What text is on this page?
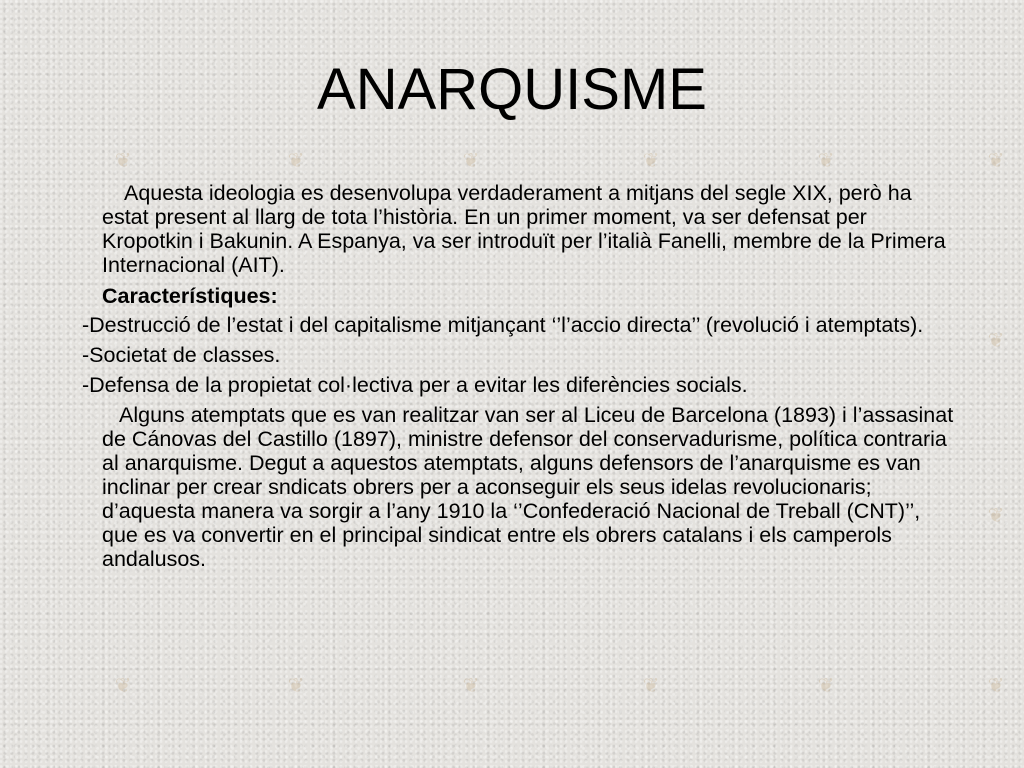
❦	❦	❦	❦	❦	❦
❦	❦	❦	❦	❦	❦
❦
❦
ANARQUISME

Aquesta ideologia es desenvolupa verdaderament a mitjans del segle XIX, però ha estat present al llarg de tota l’història. En un primer moment, va ser defensat per Kropotkin i Bakunin. A Espanya, va ser introduït per l’italià Fanelli, membre de la Primera Internacional (AIT).

Característiques:

-Destrucció de l’estat i del capitalisme mitjançant ‘’l’accio directa’’ (revolució i atemptats).

-Societat de classes.

-Defensa de la propietat col·lectiva per a evitar les diferències socials.

Alguns atemptats que es van realitzar van ser al Liceu de Barcelona (1893) i l’assasinat de Cánovas del Castillo (1897), ministre defensor del conservadurisme, política contraria al anarquisme. Degut a aquestos atemptats, alguns defensors de l’anarquisme es van inclinar per crear sndicats obrers per a aconseguir els seus idelas revolucionaris; d’aquesta manera va sorgir a l’any 1910 la ‘’Confederació Nacional de Treball (CNT)’’, que es va convertir en el principal sindicat entre els obrers catalans i els camperols andalusos.
